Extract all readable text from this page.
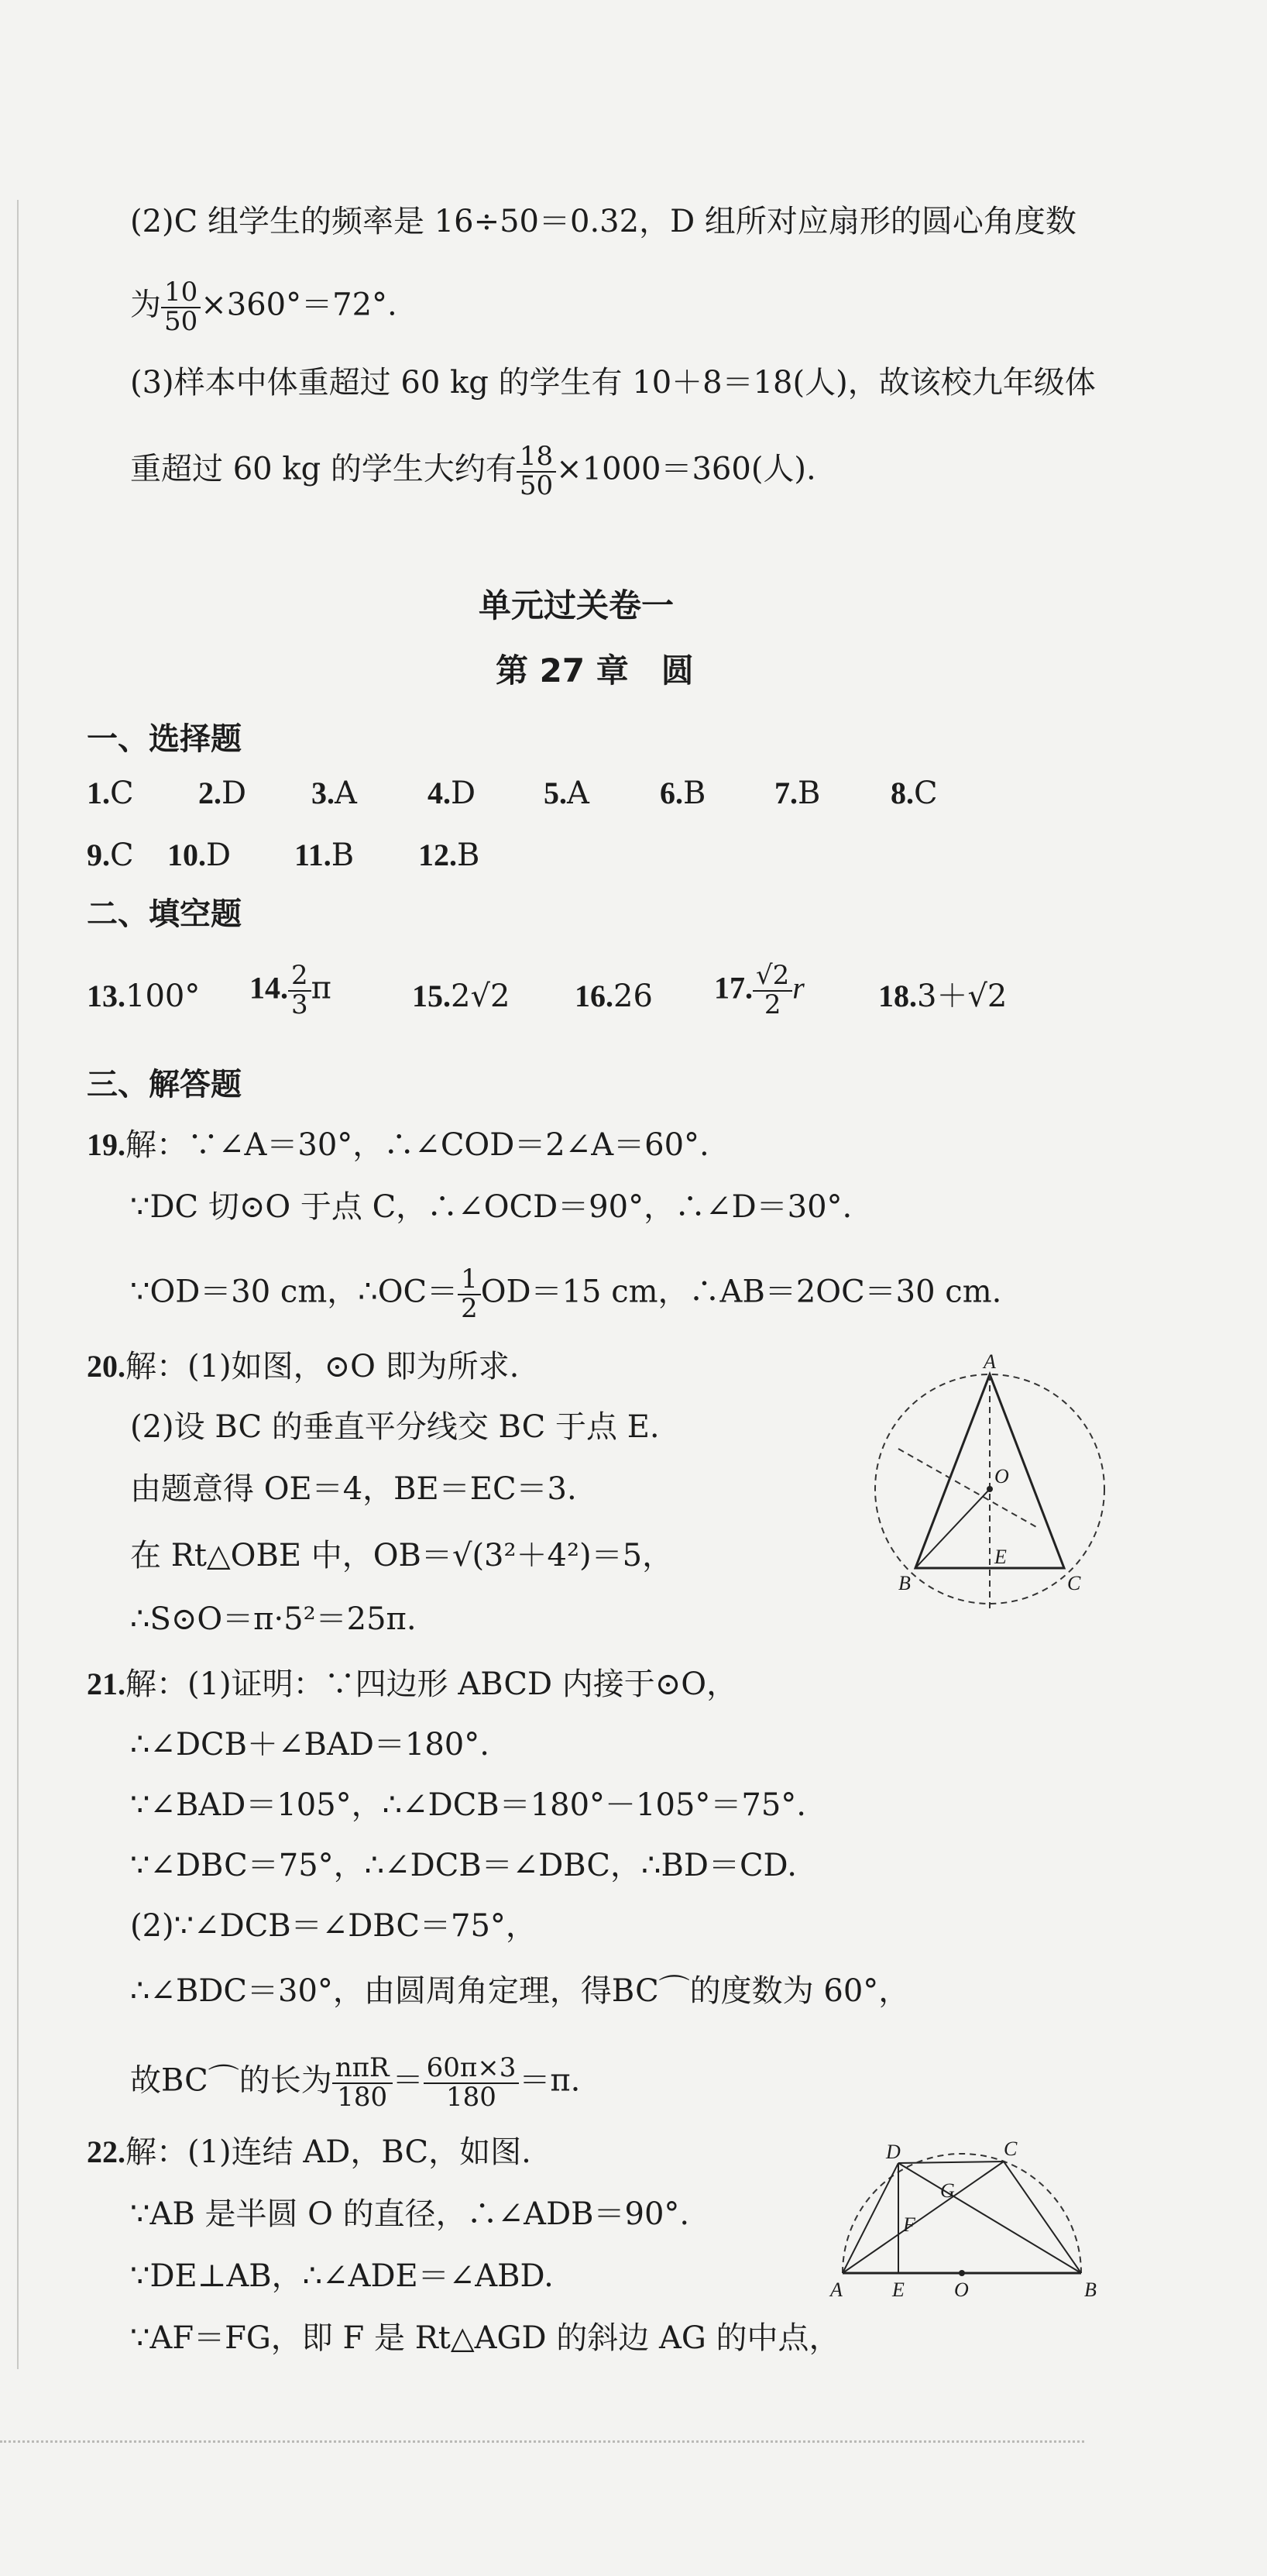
(2)C 组学生的频率是 16÷50＝0.32，D 组所对应扇形的圆心角度数
为 $\frac{10}{50} \times 360^\circ=72^\circ$.
(3)样本中体重超过 60 kg 的学生有 10＋8＝18(人)，故该校九年级体
重超过 60 kg 的学生大约有 $\frac{18}{50} \times 1000=360$(人).
单元过关卷一
第 27 章　圆
一、选择题
1.C 2.D 3.A 4.D 5.A 6.B 7.B 8.C
9.C 10.D 11.B 12.B
二、填空题
13.100° 14. $\frac{2}{3}$ π	15.2√2 16.26 17. $\frac{√2}{2}$ r 18.3＋√2
三、解答题
19.解：∵∠A＝30°，∴∠COD＝2∠A＝60°.
∵DC 切⊙O 于点 C，∴∠OCD＝90°，∴∠D＝30°.
∵OD＝30 cm，∴OC＝ $\frac{1}{2} OD=15$ cm，∴AB＝2OC＝30 cm.
20.解：(1)如图，⊙O 即为所求.
(2)设 BC 的垂直平分线交 BC 于点 E.
由题意得 OE＝4，BE＝EC＝3.
在 Rt△OBE 中，OB＝√(3²＋4²)＝5，
∴S⊙O＝π·5²＝25π.
A
B	C
O
E
21.解：(1)证明：∵四边形 ABCD 内接于⊙O，
∴∠DCB＋∠BAD＝180°.
∵∠BAD＝105°，∴∠DCB＝180°－105°＝75°.
∵∠DBC＝75°，∴∠DCB＝∠DBC，∴BD＝CD.
(2)∵∠DCB＝∠DBC＝75°，
∴∠BDC＝30°，由圆周角定理，得BC⌒的度数为 60°，
故BC⌒的长为 $\frac{\text{nπR}}{180} = \frac{60\pi\times 3}{180} =\pi$.
22.解：(1)连结 AD，BC，如图.
∵AB 是半圆 O 的直径，∴∠ADB＝90°.
∵DE⊥AB，∴∠ADE＝∠ABD.
∵AF＝FG，即 F 是 Rt△AGD 的斜边 AG 的中点，
A	B
C
D
E
F
G
O
